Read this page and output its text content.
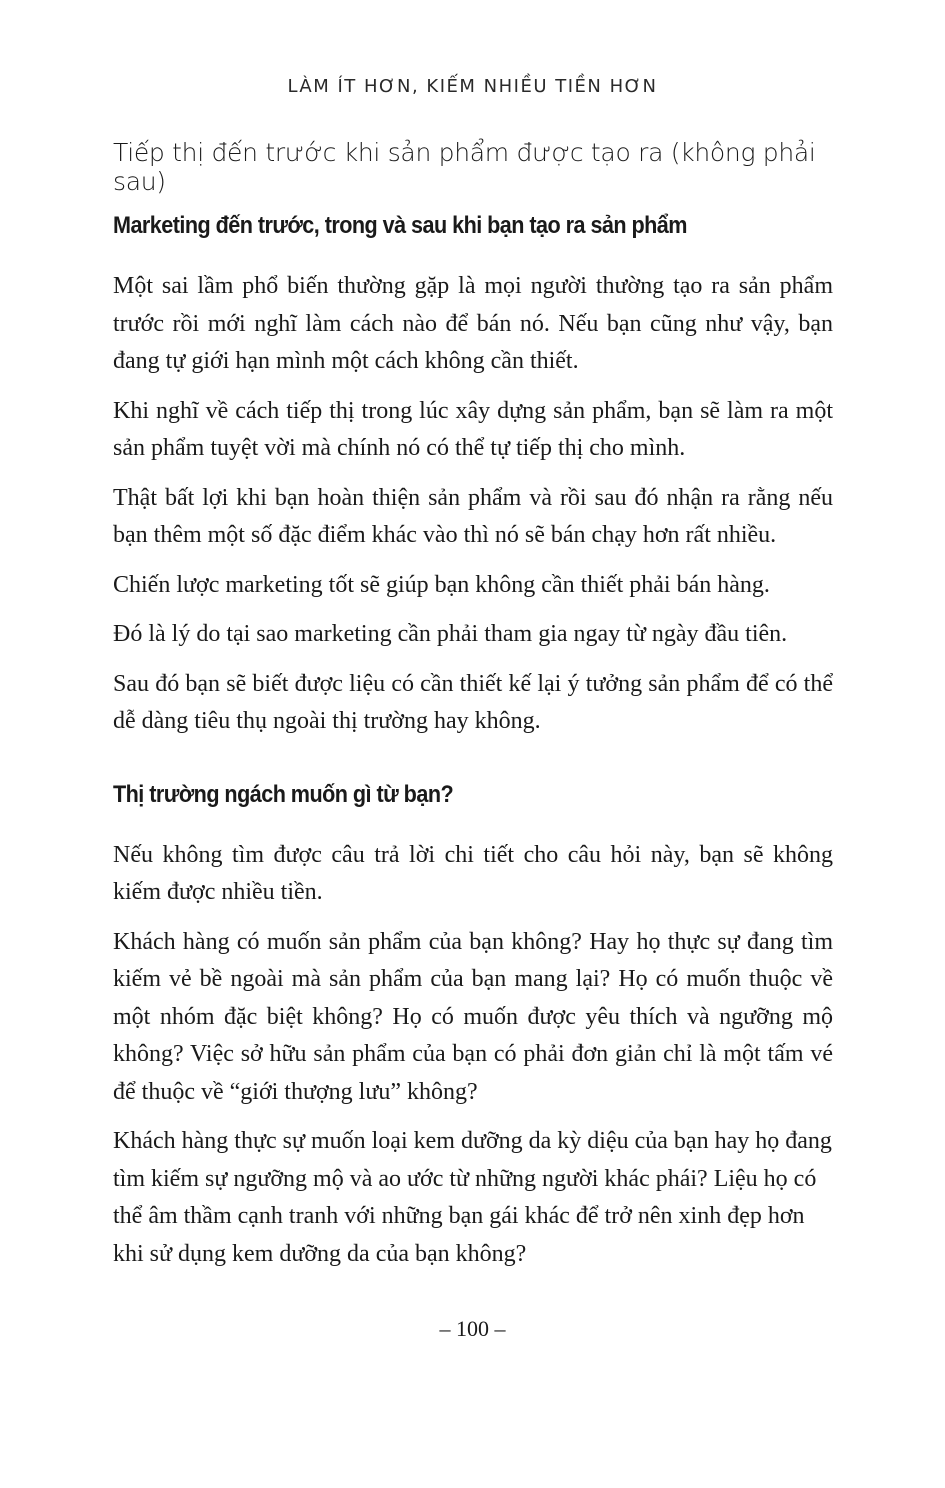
LÀM ÍT HƠN, KIẾM NHIỀU TIỀN HƠN
Tiếp thị đến trước khi sản phẩm được tạo ra (không phải sau)
Marketing đến trước, trong và sau khi bạn tạo ra sản phẩm

Một sai lầm phổ biến thường gặp là mọi người thường tạo ra sản phẩm trước rồi mới nghĩ làm cách nào để bán nó. Nếu bạn cũng như vậy, bạn đang tự giới hạn mình một cách không cần thiết.

Khi nghĩ về cách tiếp thị trong lúc xây dựng sản phẩm, bạn sẽ làm ra một sản phẩm tuyệt vời mà chính nó có thể tự tiếp thị cho mình.

Thật bất lợi khi bạn hoàn thiện sản phẩm và rồi sau đó nhận ra rằng nếu bạn thêm một số đặc điểm khác vào thì nó sẽ bán chạy hơn rất nhiều.

Chiến lược marketing tốt sẽ giúp bạn không cần thiết phải bán hàng.

Đó là lý do tại sao marketing cần phải tham gia ngay từ ngày đầu tiên.

Sau đó bạn sẽ biết được liệu có cần thiết kế lại ý tưởng sản phẩm để có thể dễ dàng tiêu thụ ngoài thị trường hay không.

Thị trường ngách muốn gì từ bạn?

Nếu không tìm được câu trả lời chi tiết cho câu hỏi này, bạn sẽ không kiếm được nhiều tiền.

Khách hàng có muốn sản phẩm của bạn không? Hay họ thực sự đang tìm kiếm vẻ bề ngoài mà sản phẩm của bạn mang lại? Họ có muốn thuộc về một nhóm đặc biệt không? Họ có muốn được yêu thích và ngưỡng mộ không? Việc sở hữu sản phẩm của bạn có phải đơn giản chỉ là một tấm vé để thuộc về “giới thượng lưu” không?

Khách hàng thực sự muốn loại kem dưỡng da kỳ diệu của bạn hay họ đang tìm kiếm sự ngưỡng mộ và ao ước từ những người khác phái? Liệu họ có thể âm thầm cạnh tranh với những bạn gái khác để trở nên xinh đẹp hơn khi sử dụng kem dưỡng da của bạn không?

– 100 –
